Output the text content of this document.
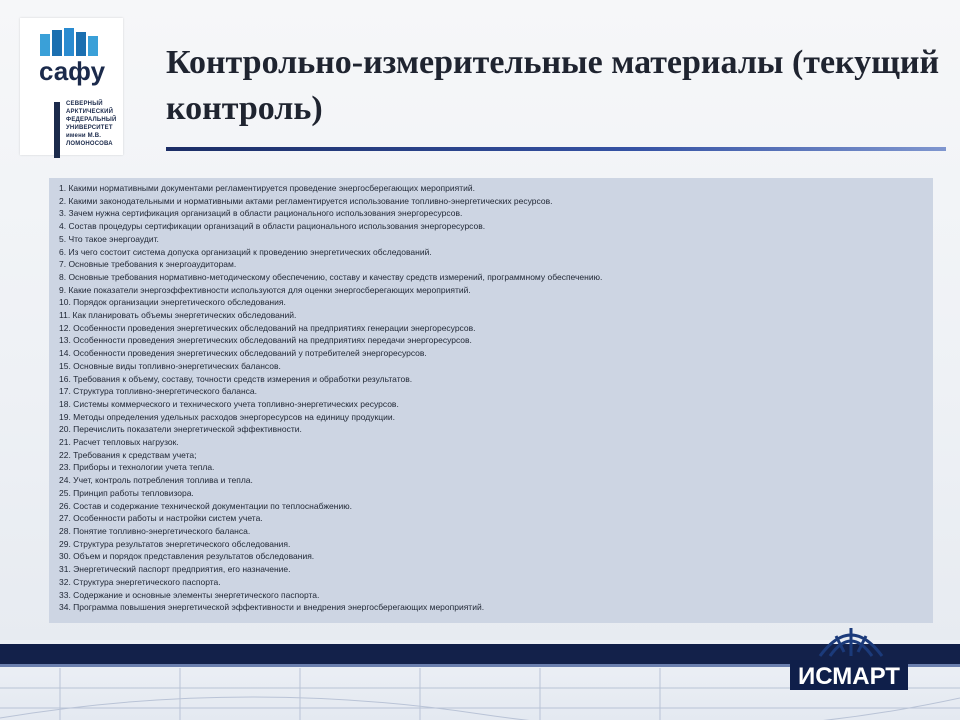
сафу
СЕВЕРНЫЙ
АРКТИЧЕСКИЙ
ФЕДЕРАЛЬНЫЙ
УНИВЕРСИТЕТ
имени М.В. ЛОМОНОСОВА
Контрольно-измерительные материалы (текущий контроль)
1. Какими нормативными документами регламентируется проведение энергосберегающих мероприятий.
2. Какими законодательными и нормативными актами регламентируется использование топливно-энергетических ресурсов.
3. Зачем нужна сертификация организаций в области рационального использования энергоресурсов.
4. Состав процедуры сертификации организаций в области рационального использования энергоресурсов.
5. Что такое энергоаудит.
6. Из чего состоит система допуска организаций к проведению энергетических обследований.
7. Основные требования к энергоаудиторам.
8. Основные требования нормативно-методическому обеспечению, составу и качеству средств измерений, программному обеспечению.
9. Какие показатели энергоэффективности используются для оценки энергосберегающих мероприятий.
10. Порядок организации энергетического обследования.
11. Как планировать объемы энергетических обследований.
12. Особенности проведения энергетических обследований на предприятиях генерации энергоресурсов.
13. Особенности проведения энергетических обследований на предприятиях передачи энергоресурсов.
14. Особенности проведения энергетических обследований у потребителей энергоресурсов.
15. Основные виды топливно-энергетических балансов.
16. Требования к объему, составу, точности средств измерения и обработки результатов.
17. Структура топливно-энергетического баланса.
18. Системы коммерческого и технического учета топливно-энергетических ресурсов.
19. Методы определения удельных расходов энергоресурсов на единицу продукции.
20. Перечислить показатели энергетической эффективности.
21. Расчет тепловых нагрузок.
22. Требования к средствам учета;
23. Приборы и технологии учета тепла.
24. Учет, контроль потребления топлива и тепла.
25. Принцип работы тепловизора.
26. Состав и содержание технической документации по теплоснабжению.
27. Особенности работы и настройки систем учета.
28. Понятие топливно-энергетического баланса.
29. Структура результатов энергетического обследования.
30. Объем и порядок представления результатов обследования.
31. Энергетический паспорт предприятия, его назначение.
32. Структура энергетического паспорта.
33. Содержание и основные элементы энергетического паспорта.
34. Программа повышения энергетической эффективности и внедрения энергосберегающих мероприятий.
ИСМАРТ
